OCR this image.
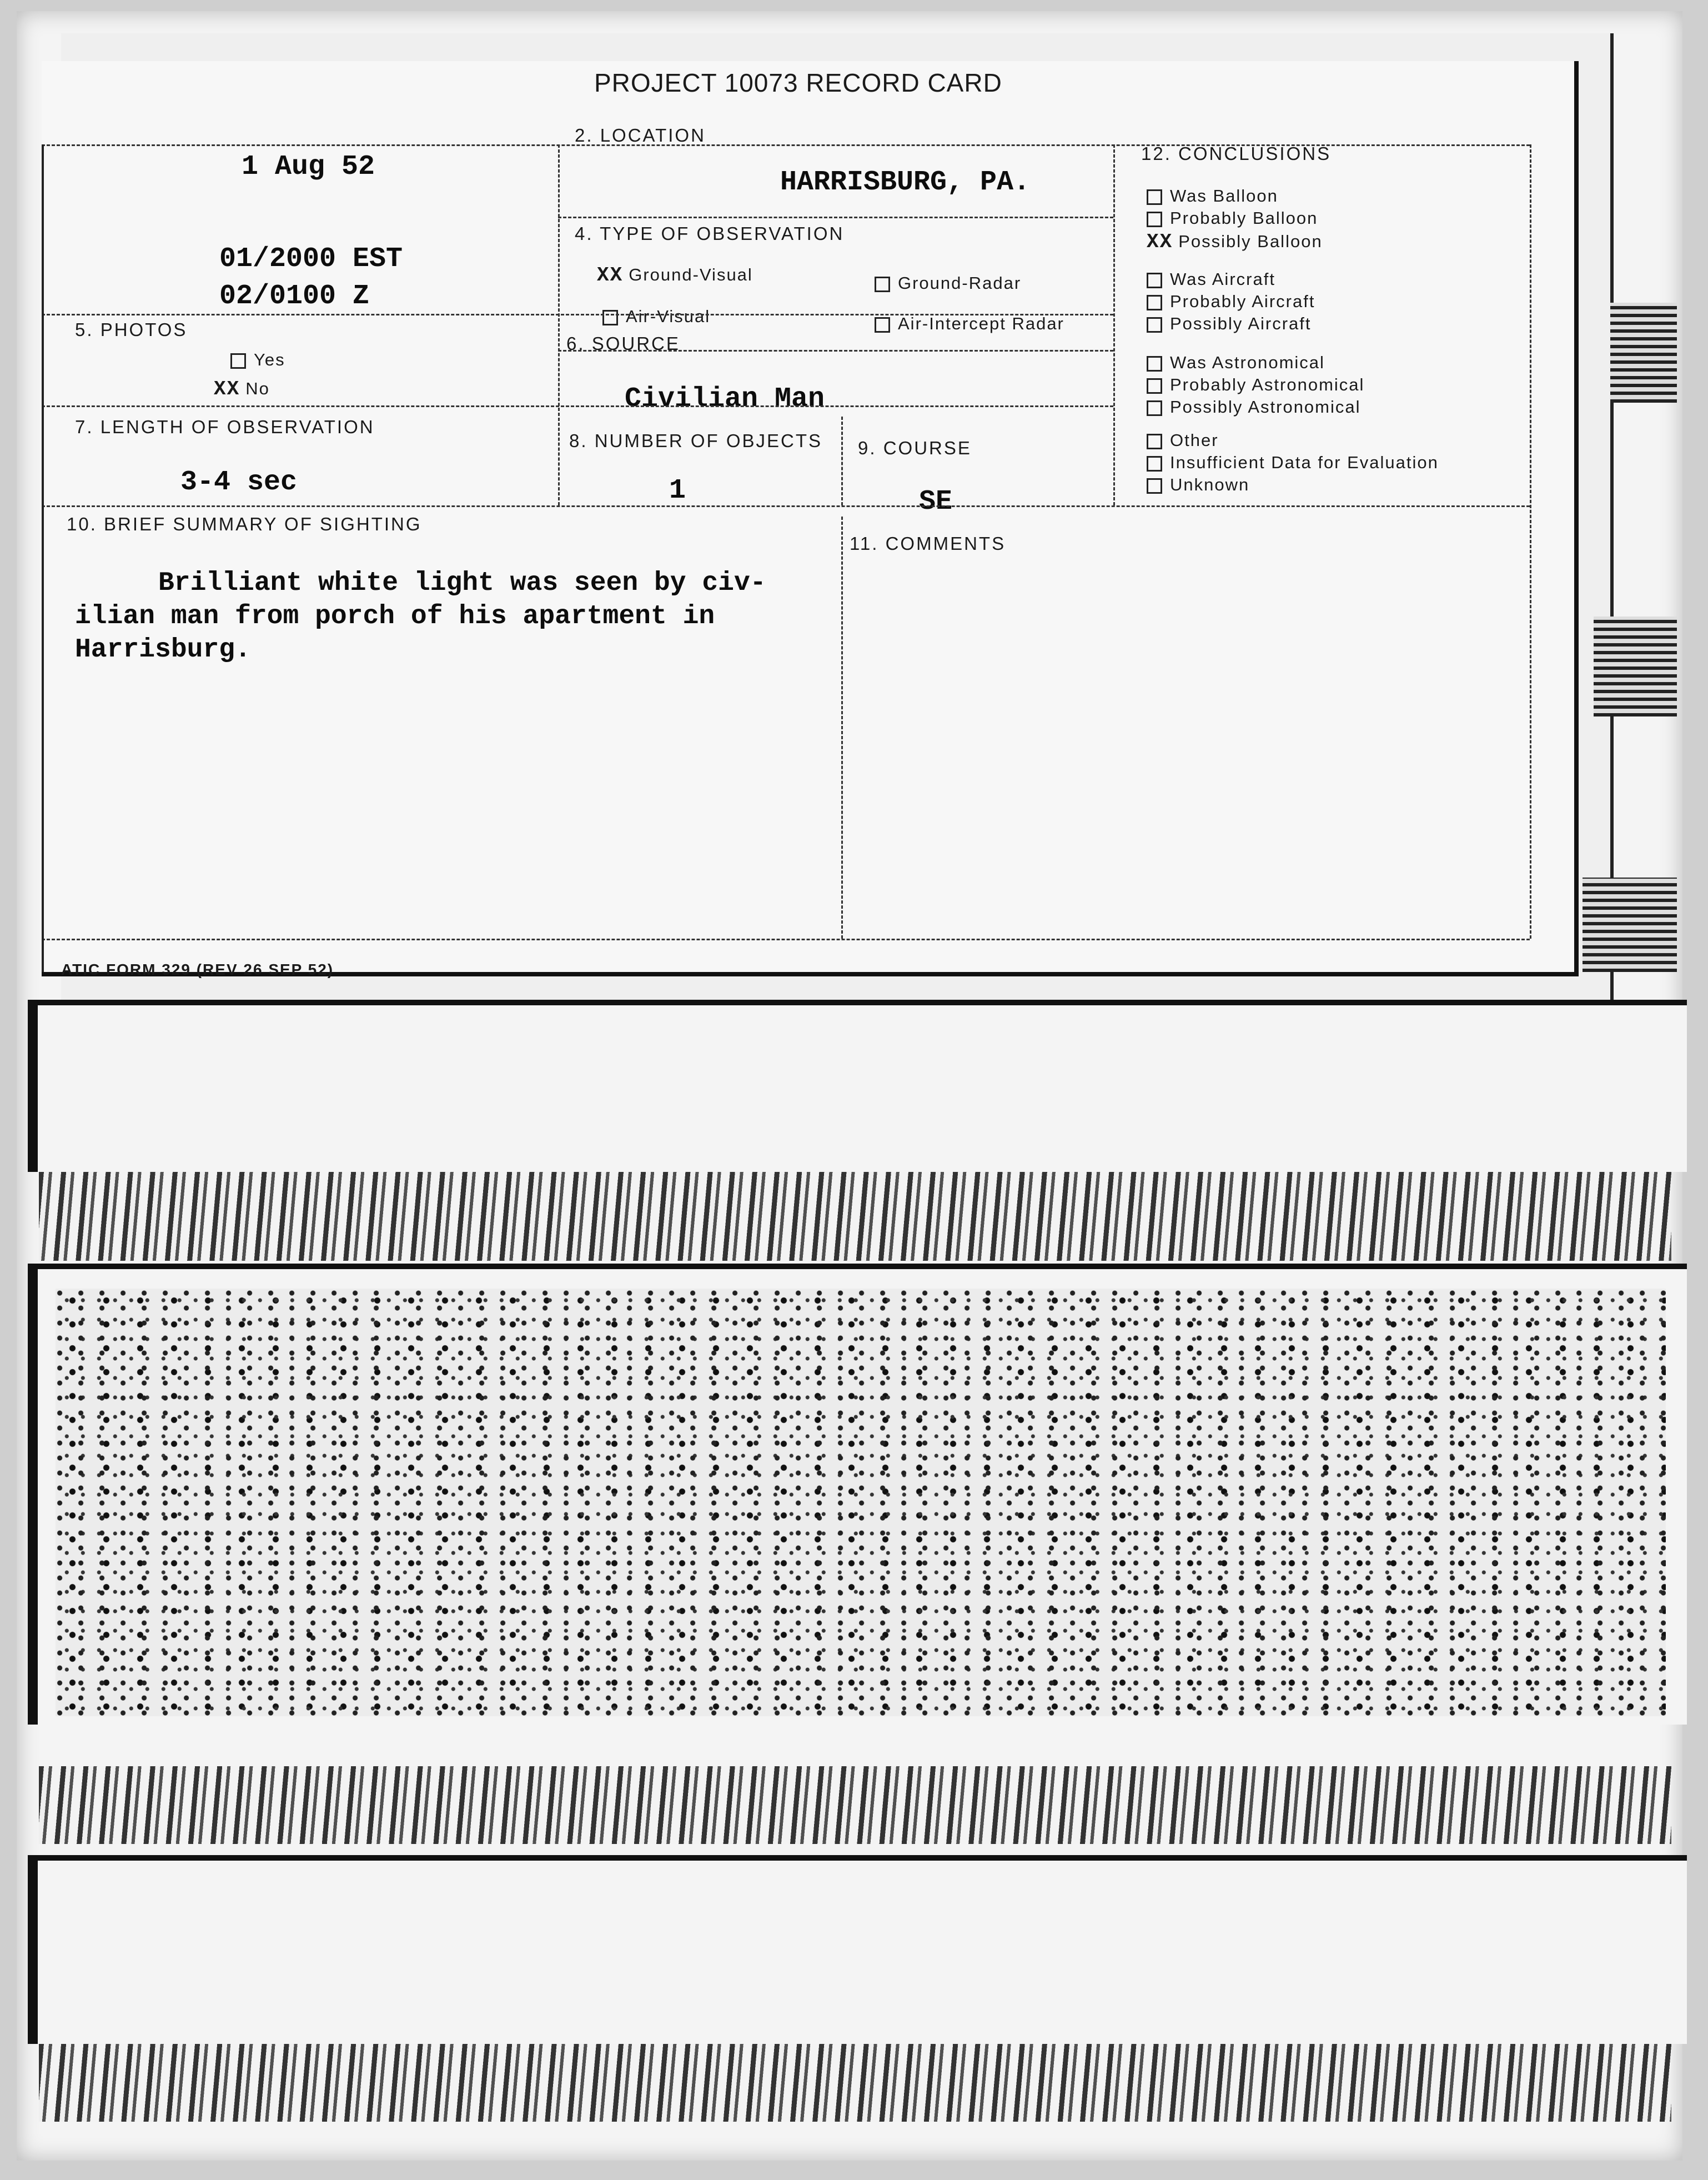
PROJECT 10073 RECORD CARD
1 Aug 52
01/2000 EST
02/0100 Z
2. LOCATION
HARRISBURG, PA.
4. TYPE OF OBSERVATION
XX Ground-Visual	Ground-Radar
Air-Visual	Air-Intercept Radar
5. PHOTOS
Yes
XX No
6. SOURCE
Civilian Man
7. LENGTH OF OBSERVATION
3-4 sec
8. NUMBER OF OBJECTS
1
9. COURSE
SE
12. CONCLUSIONS
Was Balloon
Probably Balloon
XX Possibly Balloon
Was Aircraft
Probably Aircraft
Possibly Aircraft
Was Astronomical
Probably Astronomical
Possibly Astronomical
Other
Insufficient Data for Evaluation
Unknown
10. BRIEF SUMMARY OF SIGHTING
Brilliant white light was seen by civ-
ilian man from porch of his apartment in
Harrisburg.
11. COMMENTS
ATIC FORM 329 (REV 26 SEP 52)
